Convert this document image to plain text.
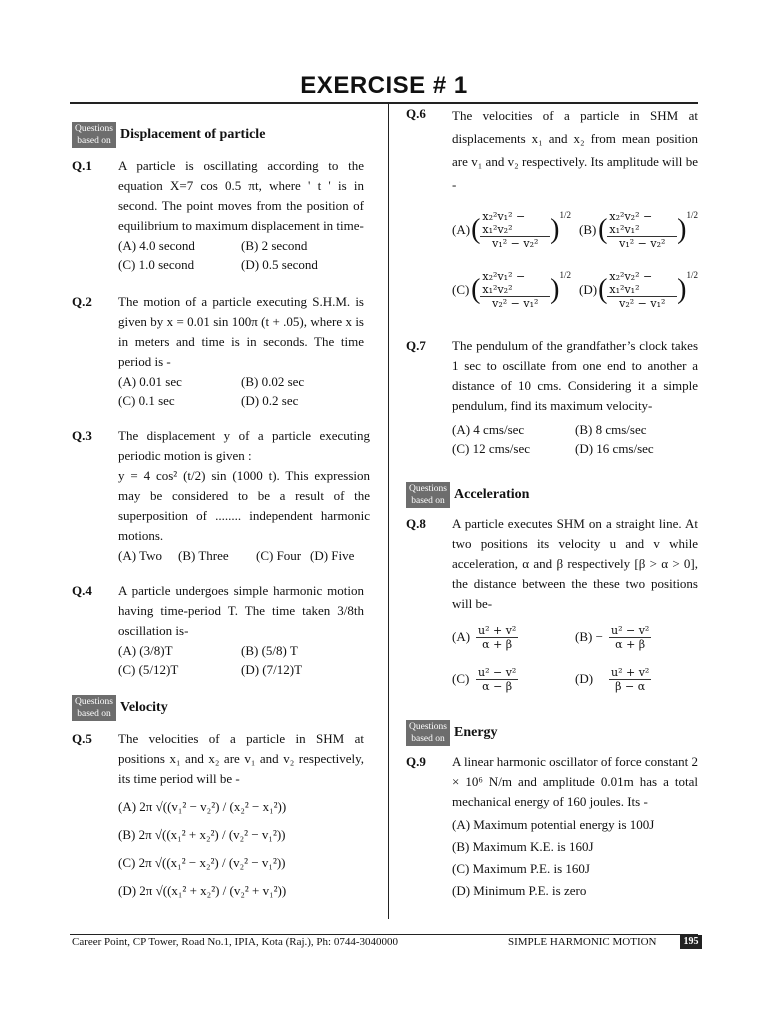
EXERCISE # 1
Questions based on Displacement of particle
Q.1	A particle is oscillating according to the equation X=7 cos 0.5 πt, where ' t ' is in second. The point moves from the position of equilibrium to maximum displacement in time-
(A) 4.0 second	(B) 2 second
(C) 1.0 second	(D) 0.5 second
Q.2	The motion of a particle executing S.H.M. is given by x = 0.01 sin 100π (t + .05), where x is in meters and time is in seconds. The time period is -
(A) 0.01 sec	(B) 0.02 sec
(C) 0.1 sec	(D) 0.2 sec
Q.3	The displacement y of a particle executing periodic motion is given :
y = 4 cos² (t/2) sin (1000 t). This expression may be considered to be a result of the superposition of ........ independent harmonic motions.
(A) Two	(B) Three	(C) Four (D) Five
Q.4	A particle undergoes simple harmonic motion having time-period T. The time taken 3/8th oscillation is-
(A) (3/8)T	(B) (5/8) T
(C) (5/12)T	(D) (7/12)T
Questions based on Velocity
Q.5	The velocities of a particle in SHM at positions x₁ and x₂ are v₁ and v₂ respectively, its time period will be -
(A) 2π √((v₁² − v₂²) / (x₂² − x₁²))
(B) 2π √((x₁² + x₂²) / (v₂² − v₁²))
(C) 2π √((x₁² − x₂²) / (v₂² − v₁²))
(D) 2π √((x₁² + x₂²) / (v₂² + v₁²))
Q.6	The velocities of a particle in SHM at displacements x₁ and x₂ from mean position are v₁ and v₂ respectively. Its amplitude will be -
(A) ( $\frac{\text{x₂²v₁² − x₁²v₂²}}{\text{v₁² − v₂²}}$ ) 1/2
(B) ( $\frac{\text{x₂²v₂² − x₁²v₁²}}{\text{v₁² − v₂²}}$ ) 1/2
(C) ( $\frac{\text{x₂²v₁² − x₁²v₂²}}{\text{v₂² − v₁²}}$ ) 1/2
(D) ( $\frac{\text{x₂²v₂² − x₁²v₁²}}{\text{v₂² − v₁²}}$ ) 1/2
Q.7	The pendulum of the grandfather’s clock takes 1 sec to oscillate from one end to another a distance of 10 cms. Considering it a simple pendulum, find its maximum velocity-
(A) 4 cms/sec	(B) 8 cms/sec
(C) 12 cms/sec	(D) 16 cms/sec
Questions based on Acceleration
Q.8	A particle executes SHM on a straight line. At two positions its velocity u and v while acceleration, α and β respectively [β > α > 0], the distance between the these two positions will be-
$(A) \frac{\text{u² + v²}}{\alpha + \beta}$	$(B) - \frac{\text{u² − v²}}{\alpha + \beta}$
$(C) \frac{\text{u² − v²}}{\alpha - \beta}$	(D)	$\frac{\text{u² + v²}}{\beta - \alpha}$
Questions based on Energy
Q.9	A linear harmonic oscillator of force constant 2 × 10⁶ N/m and amplitude 0.01m has a total mechanical energy of 160 joules. Its -
(A) Maximum potential energy is 100J
(B) Maximum K.E. is 160J
(C) Maximum P.E. is 160J
(D) Minimum P.E. is zero
Career Point, CP Tower, Road No.1, IPIA, Kota (Raj.), Ph: 0744-3040000	SIMPLE HARMONIC MOTION	195
